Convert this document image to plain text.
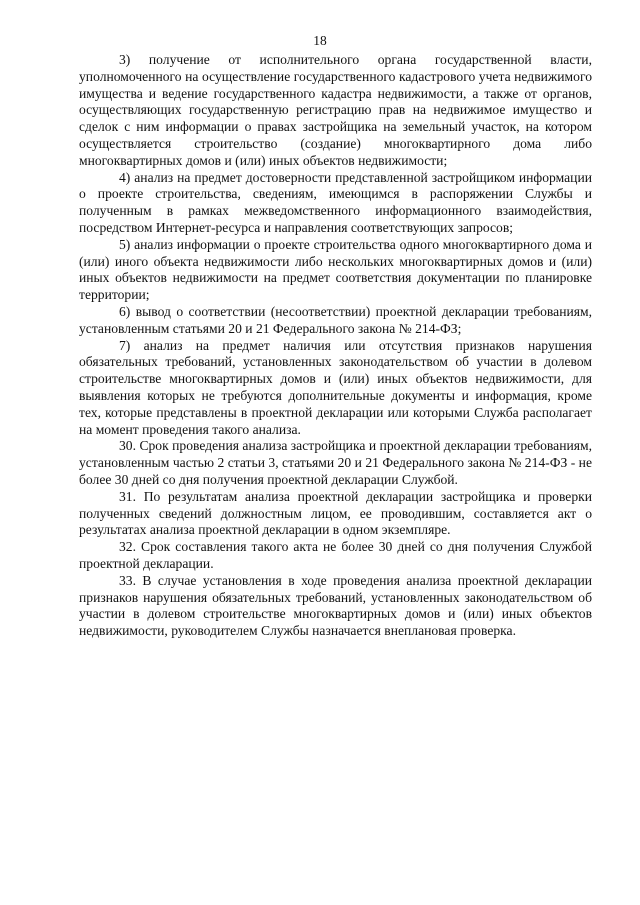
18

3) получение от исполнительного органа государственной власти, уполномоченного на осуществление государственного кадастрового учета недвижимого имущества и ведение государственного кадастра недвижимости, а также от органов, осуществляющих государственную регистрацию прав на недвижимое имущество и сделок с ним информации о правах застройщика на земельный участок, на котором осуществляется строительство (создание) многоквартирного дома либо многоквартирных домов и (или) иных объектов недвижимости;

4) анализ на предмет достоверности представленной застройщиком информации о проекте строительства, сведениям, имеющимся в распоряжении Службы и полученным в рамках межведомственного информационного взаимодействия, посредством Интернет-ресурса и направления соответствующих запросов;

5) анализ информации о проекте строительства одного многоквартирного дома и (или) иного объекта недвижимости либо нескольких многоквартирных домов и (или) иных объектов недвижимости на предмет соответствия документации по планировке территории;

6) вывод о соответствии (несоответствии) проектной декларации требованиям, установленным статьями 20 и 21 Федерального закона № 214-ФЗ;

7) анализ на предмет наличия или отсутствия признаков нарушения обязательных требований, установленных законодательством об участии в долевом строительстве многоквартирных домов и (или) иных объектов недвижимости, для выявления которых не требуются дополнительные документы и информация, кроме тех, которые представлены в проектной декларации или которыми Служба располагает на момент проведения такого анализа.

30. Срок проведения анализа застройщика и проектной декларации требованиям, установленным частью 2 статьи 3, статьями 20 и 21 Федерального закона № 214-ФЗ - не более 30 дней со дня получения проектной декларации Службой.

31. По результатам анализа проектной декларации застройщика и проверки полученных сведений должностным лицом, ее проводившим, составляется акт о результатах анализа проектной декларации в одном экземпляре.

32. Срок составления такого акта не более 30 дней со дня получения Службой проектной декларации.

33. В случае установления в ходе проведения анализа проектной декларации признаков нарушения обязательных требований, установленных законодательством об участии в долевом строительстве многоквартирных домов и (или) иных объектов недвижимости, руководителем Службы назначается внеплановая проверка.
